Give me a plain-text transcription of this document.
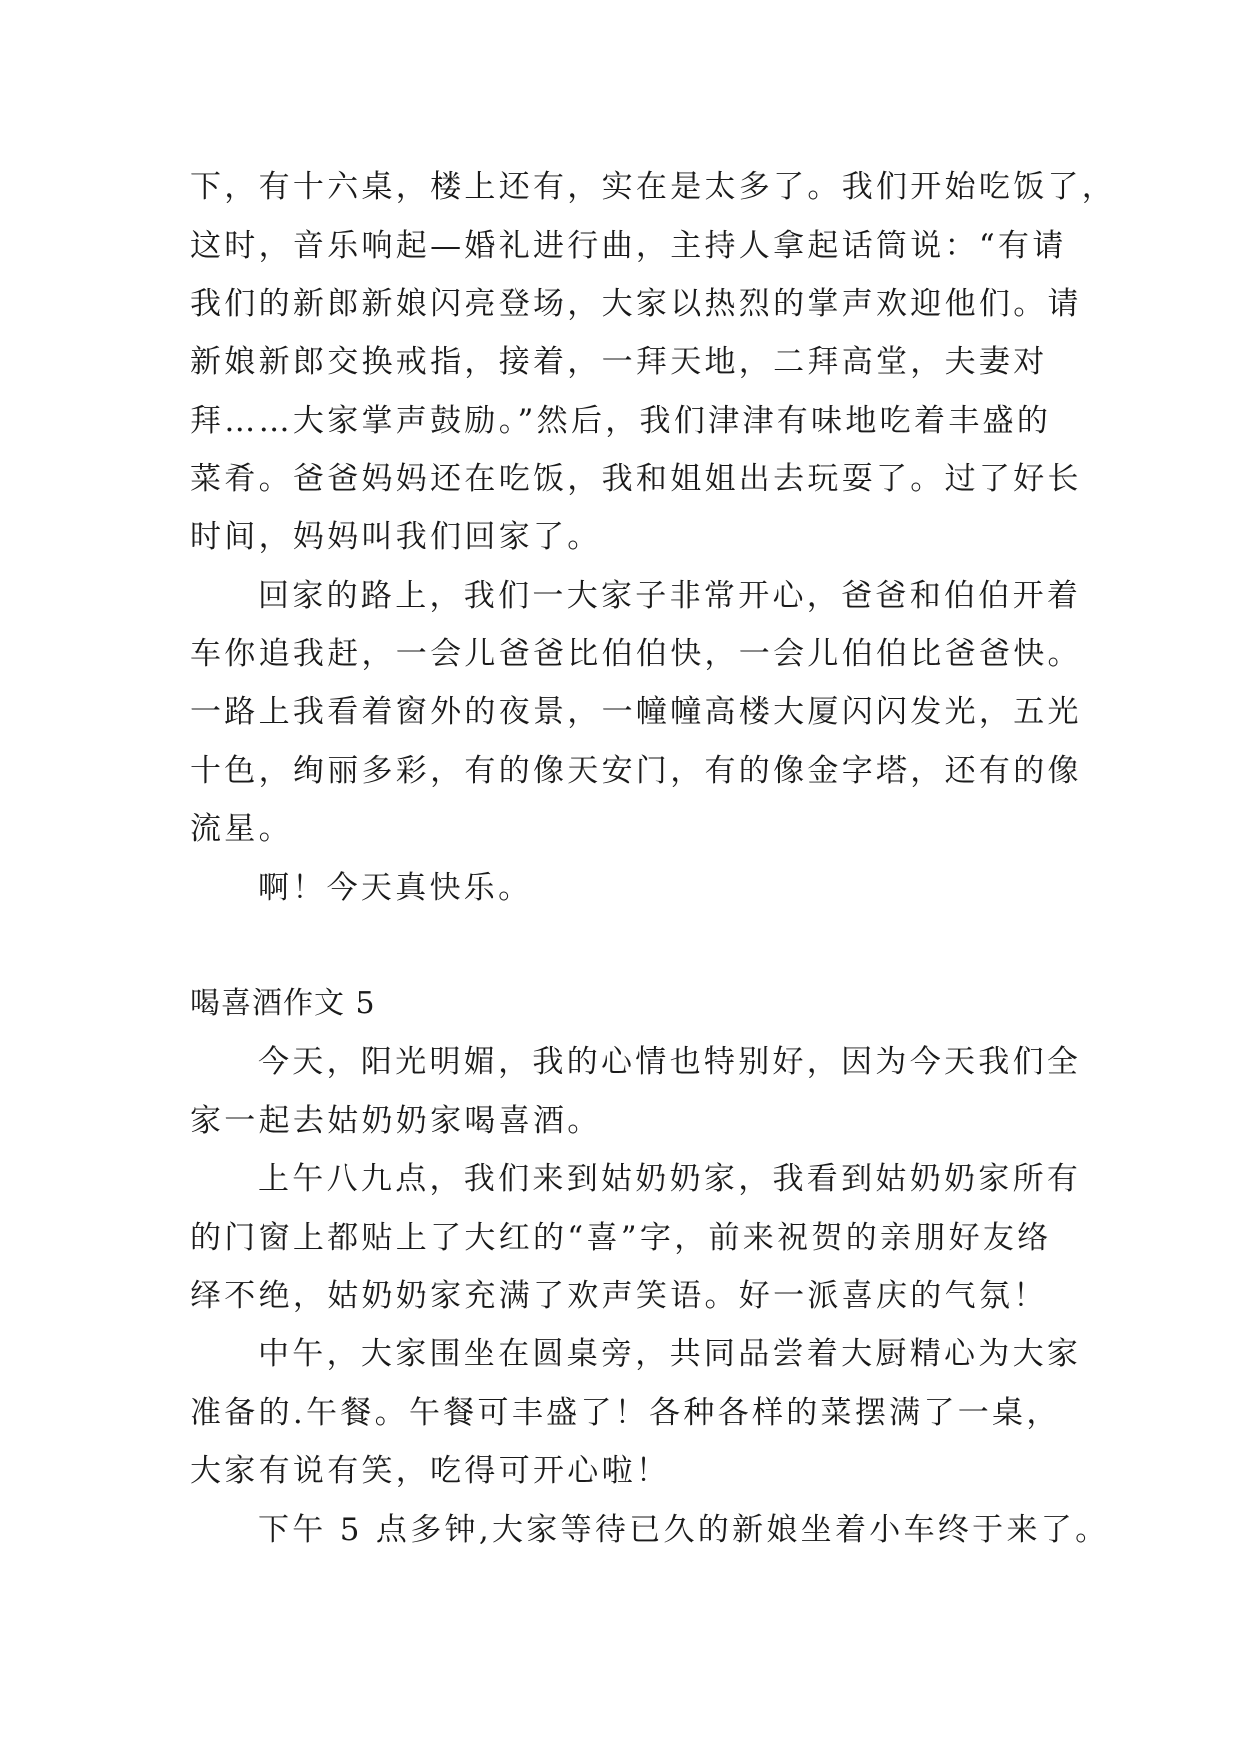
下，有十六桌，楼上还有，实在是太多了。我们开始吃饭了，
这时，音乐响起—婚礼进行曲，主持人拿起话筒说：“有请
我们的新郎新娘闪亮登场，大家以热烈的掌声欢迎他们。请
新娘新郎交换戒指，接着，一拜天地，二拜高堂，夫妻对
拜……大家掌声鼓励。”然后，我们津津有味地吃着丰盛的
菜肴。爸爸妈妈还在吃饭，我和姐姐出去玩耍了。过了好长
时间，妈妈叫我们回家了。
回家的路上，我们一大家子非常开心，爸爸和伯伯开着
车你追我赶，一会儿爸爸比伯伯快，一会儿伯伯比爸爸快。
一路上我看着窗外的夜景，一幢幢高楼大厦闪闪发光，五光
十色，绚丽多彩，有的像天安门，有的像金字塔，还有的像
流星。
啊！今天真快乐。
喝喜酒作文 5
今天，阳光明媚，我的心情也特别好，因为今天我们全
家一起去姑奶奶家喝喜酒。
上午八九点，我们来到姑奶奶家，我看到姑奶奶家所有
的门窗上都贴上了大红的“喜”字，前来祝贺的亲朋好友络
绎不绝，姑奶奶家充满了欢声笑语。好一派喜庆的气氛！
中午，大家围坐在圆桌旁，共同品尝着大厨精心为大家
准备的.午餐。午餐可丰盛了！各种各样的菜摆满了一桌，
大家有说有笑，吃得可开心啦！
下午 5 点多钟,大家等待已久的新娘坐着小车终于来了。
